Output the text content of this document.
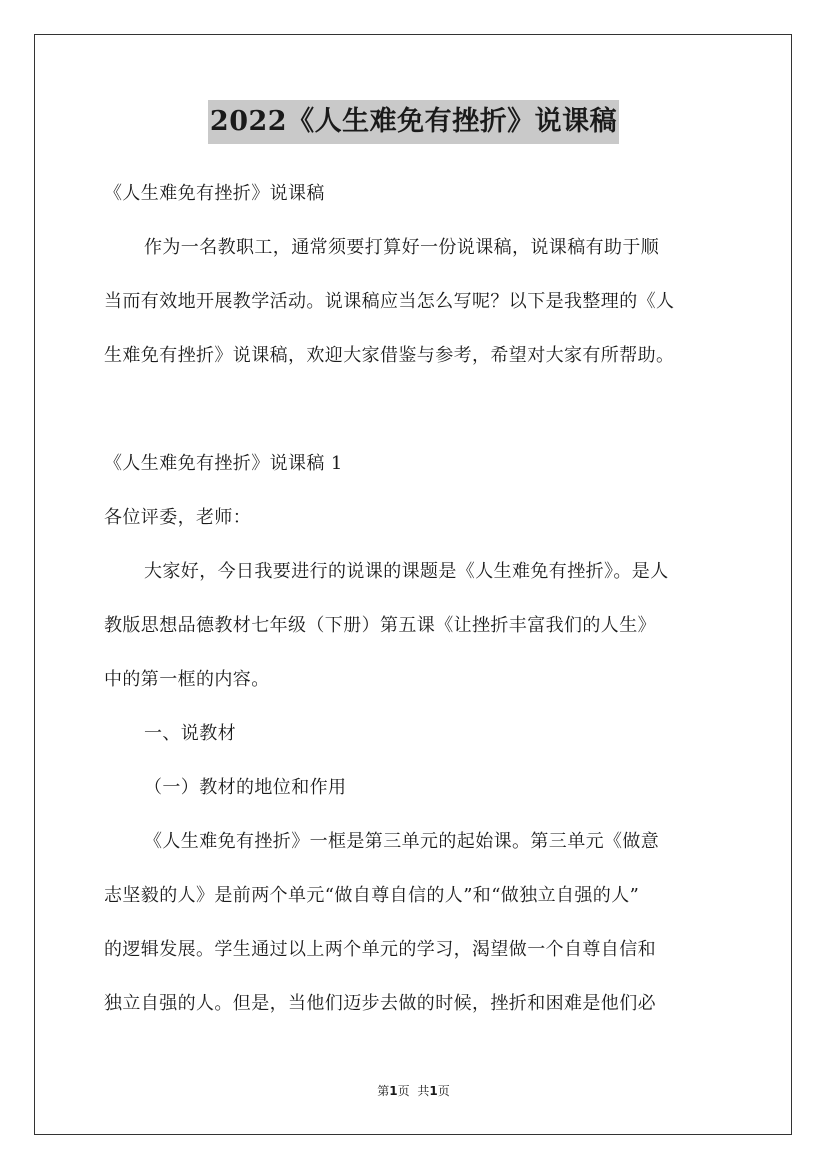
2022《人生难免有挫折》说课稿
《人生难免有挫折》说课稿
作为一名教职工，通常须要打算好一份说课稿，说课稿有助于顺
当而有效地开展教学活动。说课稿应当怎么写呢？以下是我整理的《人
生难免有挫折》说课稿，欢迎大家借鉴与参考，希望对大家有所帮助。
《人生难免有挫折》说课稿 1
各位评委，老师：
大家好，今日我要进行的说课的课题是《人生难免有挫折》。是人
教版思想品德教材七年级（下册）第五课《让挫折丰富我们的人生》
中的第一框的内容。
一、说教材
（一）教材的地位和作用
《人生难免有挫折》一框是第三单元的起始课。第三单元《做意
志坚毅的人》是前两个单元“做自尊自信的人”和“做独立自强的人”
的逻辑发展。学生通过以上两个单元的学习，渴望做一个自尊自信和
独立自强的人。但是，当他们迈步去做的时候，挫折和困难是他们必
第1页 共1页
